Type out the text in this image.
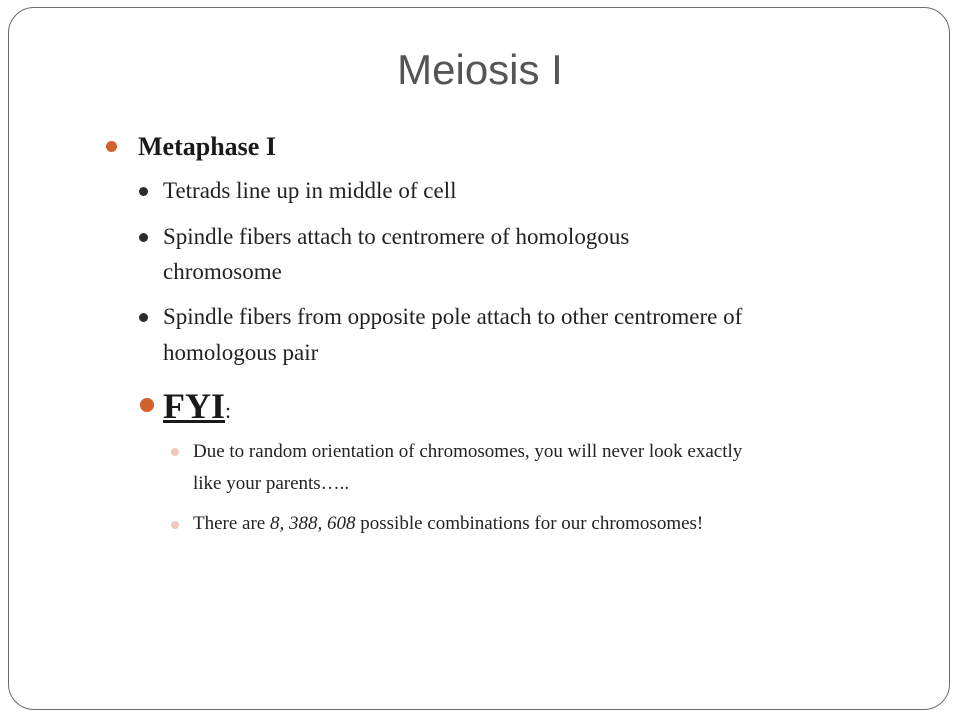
Meiosis I
Metaphase I
Tetrads line up in middle of cell
Spindle fibers attach to centromere of homologous
chromosome
Spindle fibers from opposite pole attach to other centromere of
homologous pair
FYI:
Due to random orientation of chromosomes, you will never look exactly
like your parents…..
There are 8, 388, 608 possible combinations for our chromosomes!
